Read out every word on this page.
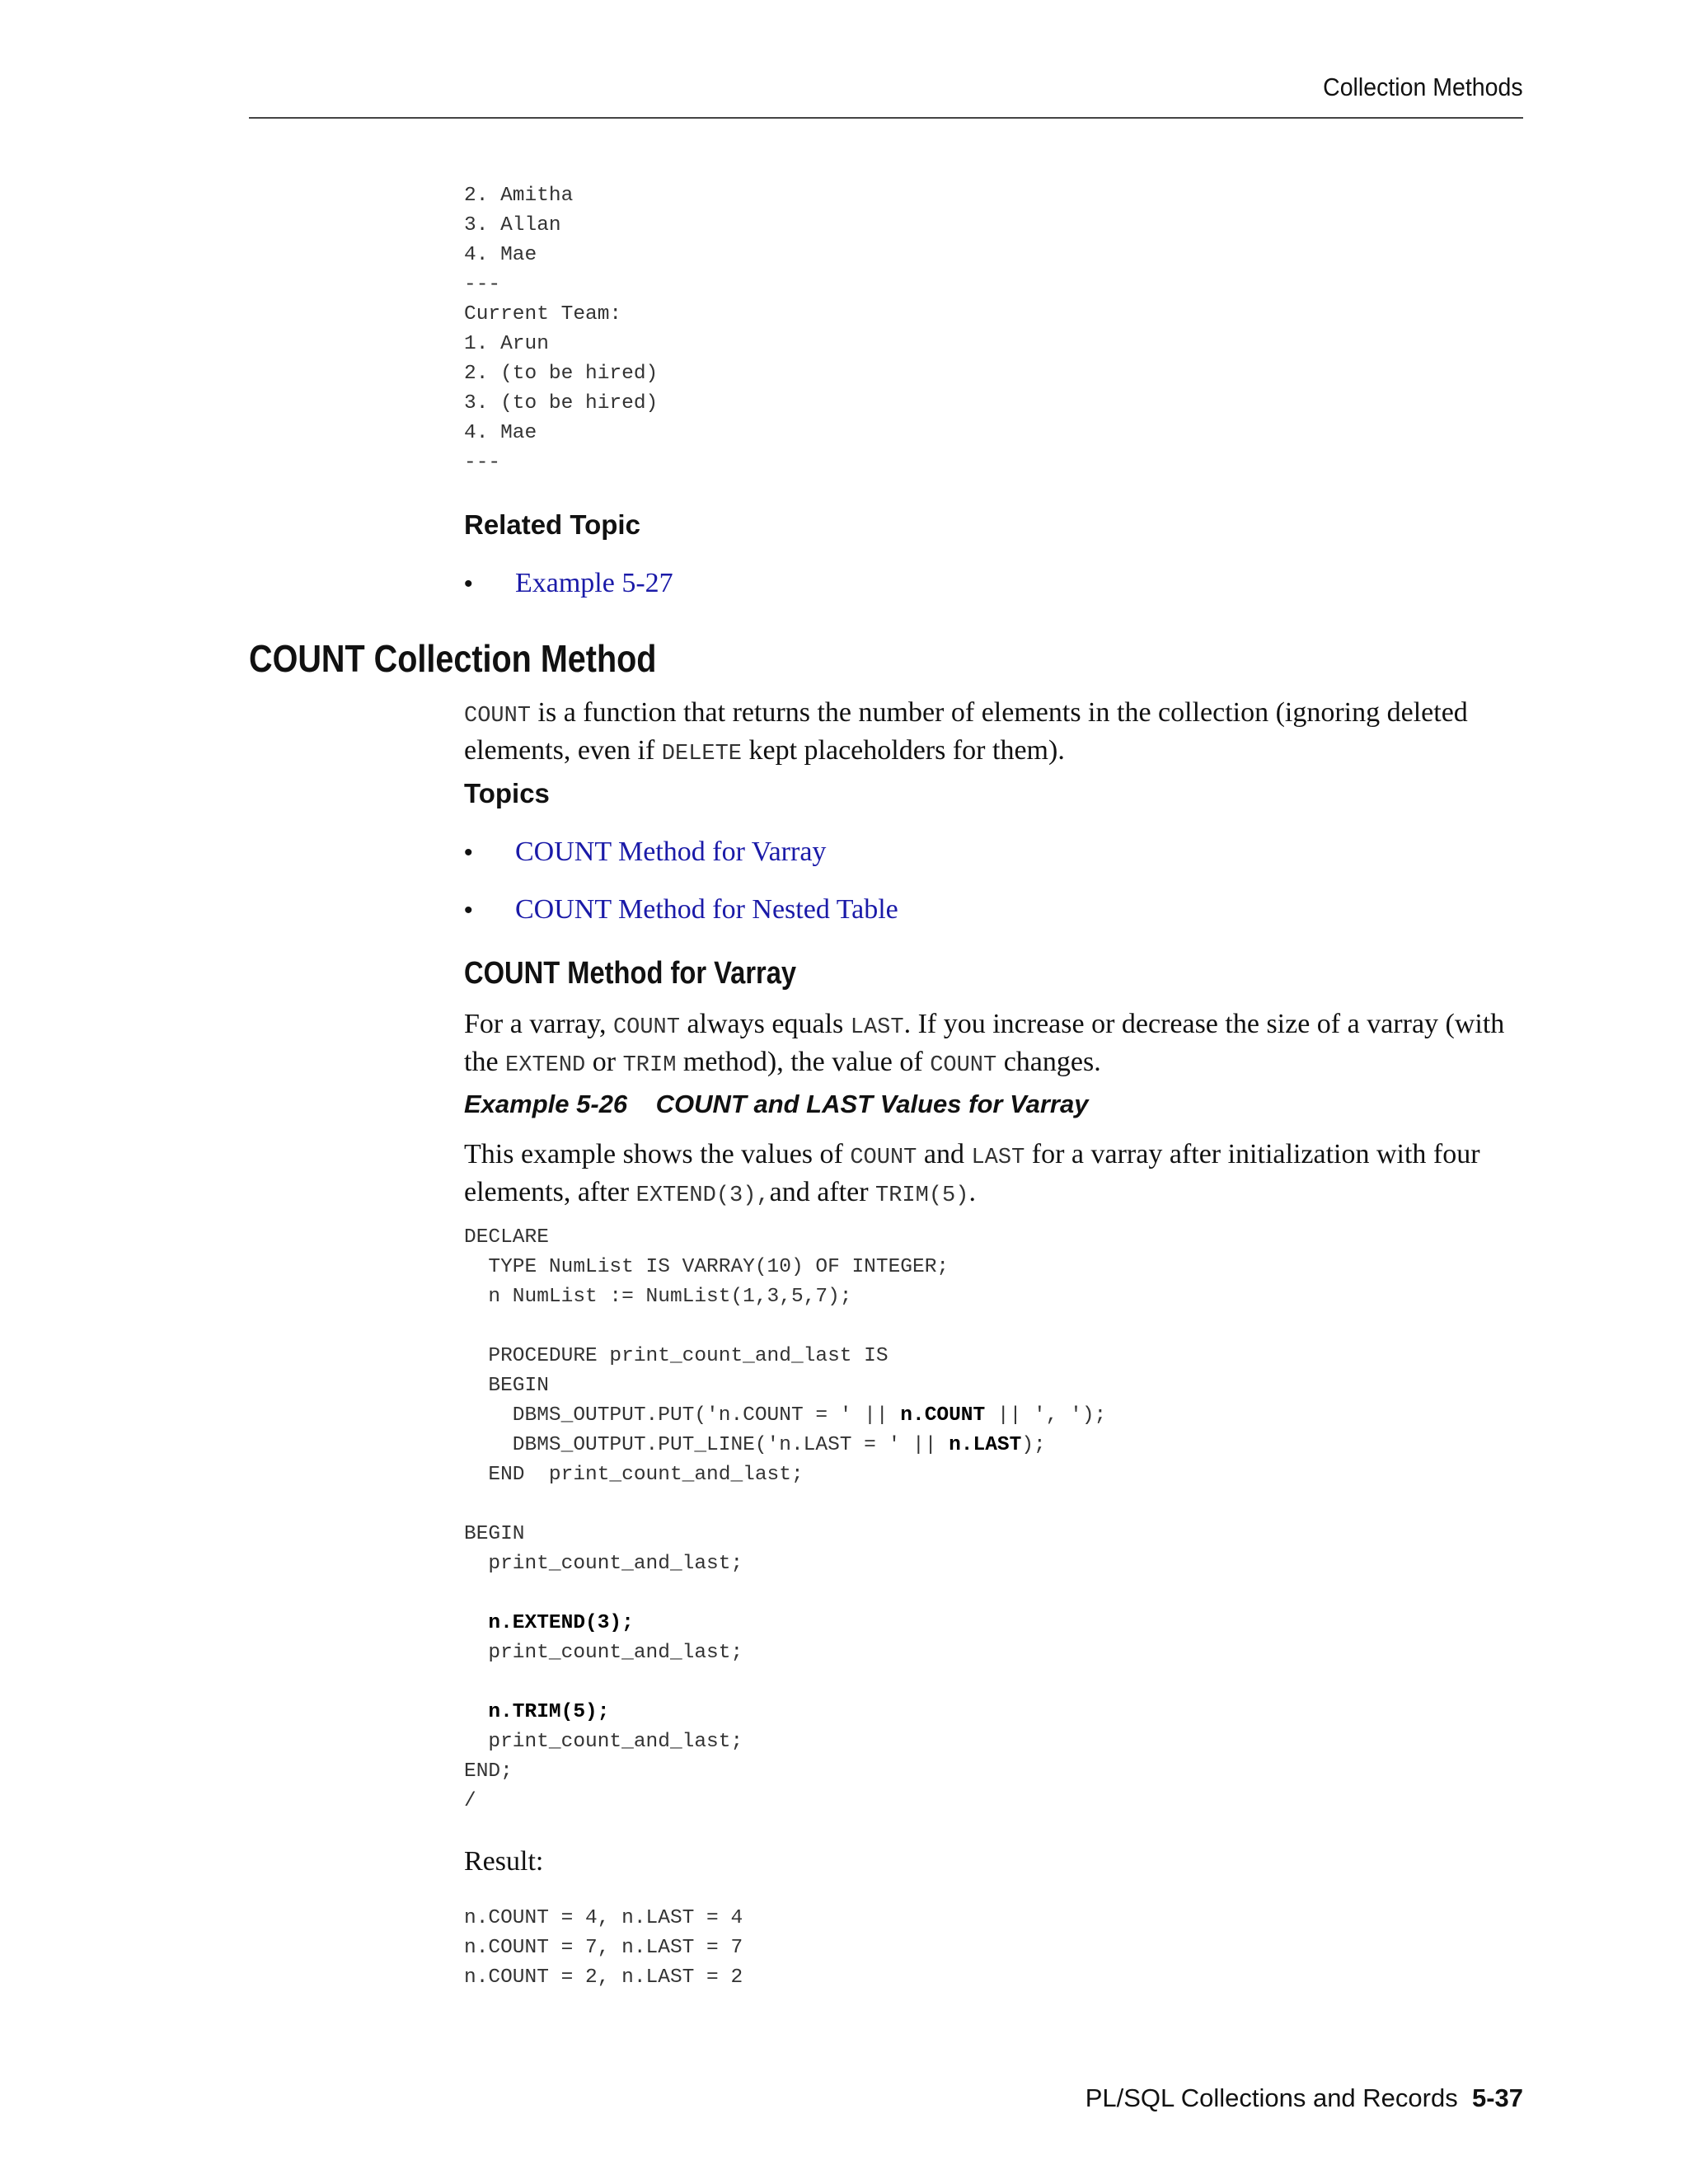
Collection Methods
2. Amitha
3. Allan
4. Mae
---
Current Team:
1. Arun
2. (to be hired)
3. (to be hired)
4. Mae
---
Related Topic
• Example 5-27
COUNT Collection Method
COUNT is a function that returns the number of elements in the collection (ignoring deleted elements, even if DELETE kept placeholders for them).
Topics
• COUNT Method for Varray
• COUNT Method for Nested Table
COUNT Method for Varray
For a varray, COUNT always equals LAST. If you increase or decrease the size of a varray (with the EXTEND or TRIM method), the value of COUNT changes.
Example 5-26 COUNT and LAST Values for Varray
This example shows the values of COUNT and LAST for a varray after initialization with four elements, after EXTEND(3),and after TRIM(5).
DECLARE
TYPE NumList IS VARRAY(10) OF INTEGER;
n NumList := NumList(1,3,5,7);

PROCEDURE print_count_and_last IS
BEGIN
DBMS_OUTPUT.PUT('n.COUNT = ' || n.COUNT || ', ');
DBMS_OUTPUT.PUT_LINE('n.LAST = ' || n.LAST);
END  print_count_and_last;

BEGIN
print_count_and_last;

n.EXTEND(3);
print_count_and_last;

n.TRIM(5);
print_count_and_last;
END;
/
Result:
n.COUNT = 4, n.LAST = 4
n.COUNT = 7, n.LAST = 7
n.COUNT = 2, n.LAST = 2
PL/SQL Collections and Records 5-37
